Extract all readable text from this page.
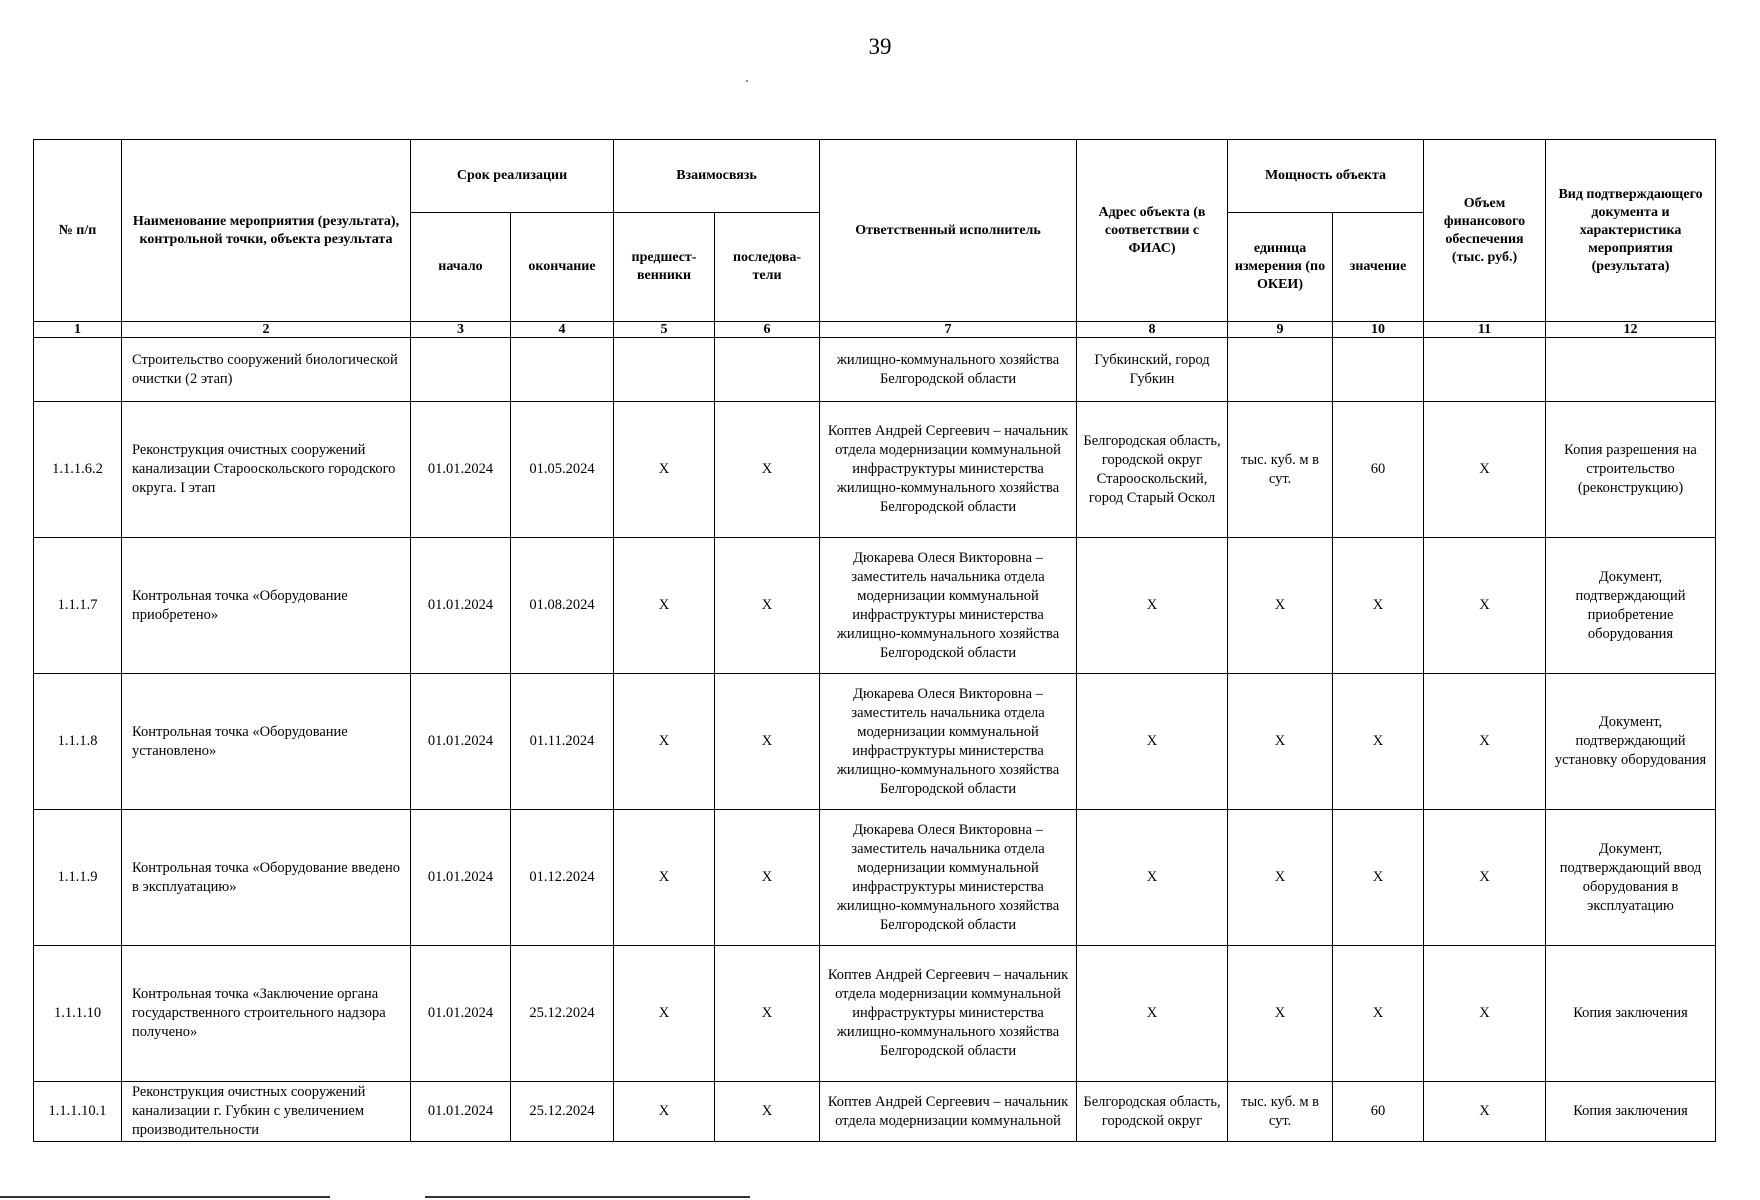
39
№ п/п	Наименование мероприятия (результата), контрольной точки, объекта результата	Срок реализации		Взаимосвязь		Ответственный исполнитель	Адрес объекта (в соответствии с ФИАС)	Мощность объекта		Объем финансового обеспечения (тыс. руб.)	Вид подтверждающего документа и характеристика мероприятия (результата)
		начало	окончание	предшест-венники	последова-тели			единица измерения (по ОКЕИ)	значение		
1	2	3	4	5	6	7	8	9	10	11	12
	Строительство сооружений биологической очистки (2 этап)					жилищно-коммунального хозяйства Белгородской области	Губкинский, город Губкин				
1.1.1.6.2	Реконструкция очистных сооружений канализации Старооскольского городского округа. I этап	01.01.2024	01.05.2024	X	X	Коптев Андрей Сергеевич – начальник отдела модернизации коммунальной инфраструктуры министерства жилищно-коммунального хозяйства Белгородской области	Белгородская область, городской округ Старооскольский, город Старый Оскол	тыс. куб. м в сут.	60	X	Копия разрешения на строительство (реконструкцию)
1.1.1.7	Контрольная точка «Оборудование приобретено»	01.01.2024	01.08.2024	X	X	Дюкарева Олеся Викторовна – заместитель начальника отдела модернизации коммунальной инфраструктуры министерства жилищно-коммунального хозяйства Белгородской области	X	X	X	X	Документ, подтверждающий приобретение оборудования
1.1.1.8	Контрольная точка «Оборудование установлено»	01.01.2024	01.11.2024	X	X	Дюкарева Олеся Викторовна – заместитель начальника отдела модернизации коммунальной инфраструктуры министерства жилищно-коммунального хозяйства Белгородской области	X	X	X	X	Документ, подтверждающий установку оборудования
1.1.1.9	Контрольная точка «Оборудование введено в эксплуатацию»	01.01.2024	01.12.2024	X	X	Дюкарева Олеся Викторовна – заместитель начальника отдела модернизации коммунальной инфраструктуры министерства жилищно-коммунального хозяйства Белгородской области	X	X	X	X	Документ, подтверждающий ввод оборудования в эксплуатацию
1.1.1.10	Контрольная точка «Заключение органа государственного строительного надзора получено»	01.01.2024	25.12.2024	X	X	Коптев Андрей Сергеевич – начальник отдела модернизации коммунальной инфраструктуры министерства жилищно-коммунального хозяйства Белгородской области	X	X	X	X	Копия заключения
1.1.1.10.1	Реконструкция очистных сооружений канализации г. Губкин с увеличением производительности	01.01.2024	25.12.2024	X	X	Коптев Андрей Сергеевич – начальник отдела модернизации коммунальной	Белгородская область, городской округ	тыс. куб. м в сут.	60	X	Копия заключения
